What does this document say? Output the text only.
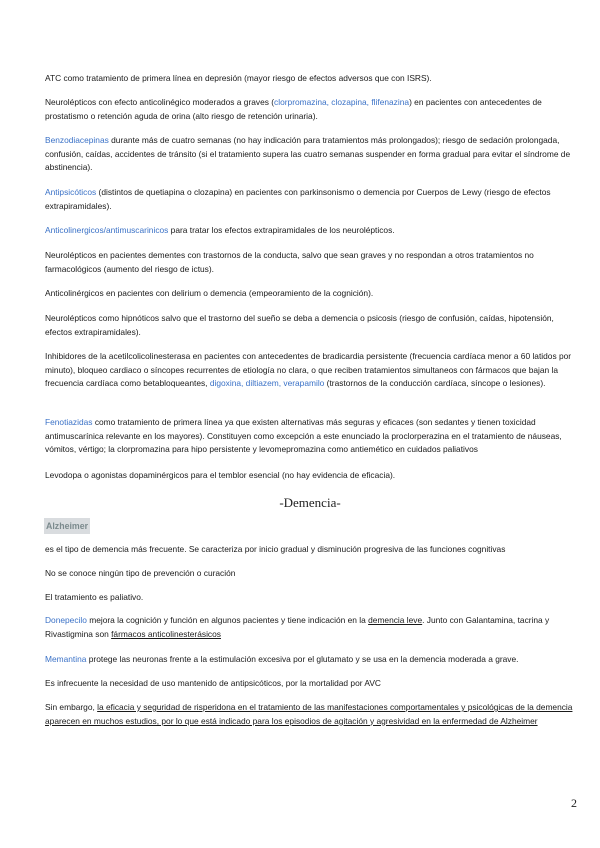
ATC como tratamiento de primera línea en depresión (mayor riesgo de efectos adversos que con ISRS).

Neurolépticos con efecto anticolinégico moderados a graves (clorpromazina, clozapina, flifenazina) en pacientes con antecedentes de prostatismo o retención aguda de orina (alto riesgo de retención urinaria).

Benzodiacepinas durante más de cuatro semanas (no hay indicación para tratamientos más prolongados); riesgo de sedación prolongada, confusión, caídas, accidentes de tránsito (si el tratamiento supera las cuatro semanas suspender en forma gradual para evitar el síndrome de abstinencia).

Antipsicóticos (distintos de quetiapina o clozapina) en pacientes con parkinsonismo o demencia por Cuerpos de Lewy (riesgo de efectos extrapiramidales).

Anticolinergicos/antimuscarinicos para tratar los efectos extrapiramidales de los neurolépticos.

Neurolépticos en pacientes dementes con trastornos de la conducta, salvo que sean graves y no respondan a otros tratamientos no farmacológicos (aumento del riesgo de ictus).

Anticolinérgicos en pacientes con delirium o demencia (empeoramiento de la cognición).

Neurolépticos como hipnóticos salvo que el trastorno del sueño se deba a demencia o psicosis (riesgo de confusión, caídas, hipotensión, efectos extrapiramidales).

Inhibidores de la acetilcolicolinesterasa en pacientes con antecedentes de bradicardia persistente (frecuencia cardíaca menor a 60 latidos por minuto), bloqueo cardiaco o síncopes recurrentes de etiología no clara, o que reciben tratamientos simultaneos con fármacos que bajan la frecuencia cardíaca como betabloqueantes, digoxina, diltiazem, verapamilo (trastornos de la conducción cardíaca, síncope o lesiones).

Fenotiazidas como tratamiento de primera línea ya que existen alternativas más seguras y eficaces (son sedantes y tienen toxicidad antimuscarínica relevante en los mayores). Constituyen como excepción a este enunciado la proclorperazina en el tratamiento de náuseas, vómitos, vértigo; la clorpromazina para hipo persistente y levomepromazina como antiemético en cuidados paliativos

Levodopa o agonistas dopaminérgicos para el temblor esencial (no hay evidencia de eficacia).

-Demencia-
Alzheimer

es el tipo de demencia más frecuente. Se caracteriza por inicio gradual y disminución progresiva de las funciones cognitivas

No se conoce ningún tipo de prevención o curación

El tratamiento es paliativo.

Donepecilo mejora la cognición y función en algunos pacientes y tiene indicación en la demencia leve. Junto con Galantamina, tacrina y Rivastigmina son fármacos anticolinesterásicos

Memantina protege las neuronas frente a la estimulación excesiva por el glutamato y se usa en la demencia moderada a grave.

Es infrecuente la necesidad de uso mantenido de antipsicóticos, por la mortalidad por AVC

Sin embargo, la eficacia y seguridad de risperidona en el tratamiento de las manifestaciones comportamentales y psicológicas de la demencia aparecen en muchos estudios, por lo que está indicado para los episodios de agitación y agresividad en la enfermedad de Alzheimer

2
